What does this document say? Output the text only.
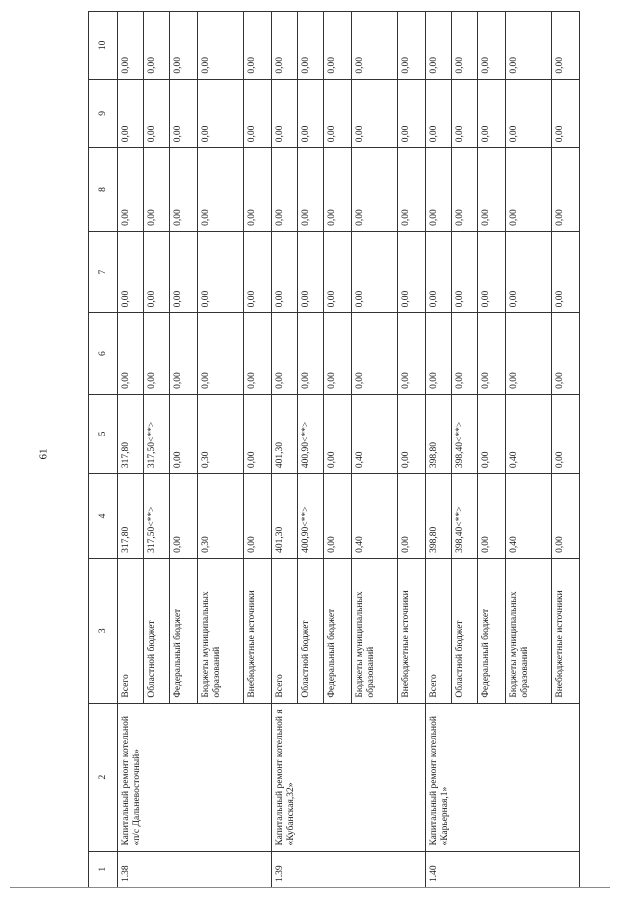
61
1	2	3	4	5	6	7	8	9	10
1.38	Капитальный ремонт котельной «п/с Дальневосточный»	Всего	317,80	317,80	0,00	0,00	0,00	0,00	0,00
		Областной бюджет	317,50<**>	317,50<**>	0,00	0,00	0,00	0,00	0,00
		Федеральный бюджет	0,00	0,00	0,00	0,00	0,00	0,00	0,00
		Бюджеты муниципальных образований	0,30	0,30	0,00	0,00	0,00	0,00	0,00
		Внебюджетные источники	0,00	0,00	0,00	0,00	0,00	0,00	0,00
1.39	Капитальный ремонт котельной я «Кубанская,32»	Всего	401,30	401,30	0,00	0,00	0,00	0,00	0,00
		Областной бюджет	400,90<**>	400,90<**>	0,00	0,00	0,00	0,00	0,00
		Федеральный бюджет	0,00	0,00	0,00	0,00	0,00	0,00	0,00
		Бюджеты муниципальных образований	0,40	0,40	0,00	0,00	0,00	0,00	0,00
		Внебюджетные источники	0,00	0,00	0,00	0,00	0,00	0,00	0,00
1.40	Капитальный ремонт котельной «Карьерная,1»	Всего	398,80	398,80	0,00	0,00	0,00	0,00	0,00
		Областной бюджет	398,40<**>	398,40<**>	0,00	0,00	0,00	0,00	0,00
		Федеральный бюджет	0,00	0,00	0,00	0,00	0,00	0,00	0,00
		Бюджеты муниципальных образований	0,40	0,40	0,00	0,00	0,00	0,00	0,00
		Внебюджетные источники	0,00	0,00	0,00	0,00	0,00	0,00	0,00
